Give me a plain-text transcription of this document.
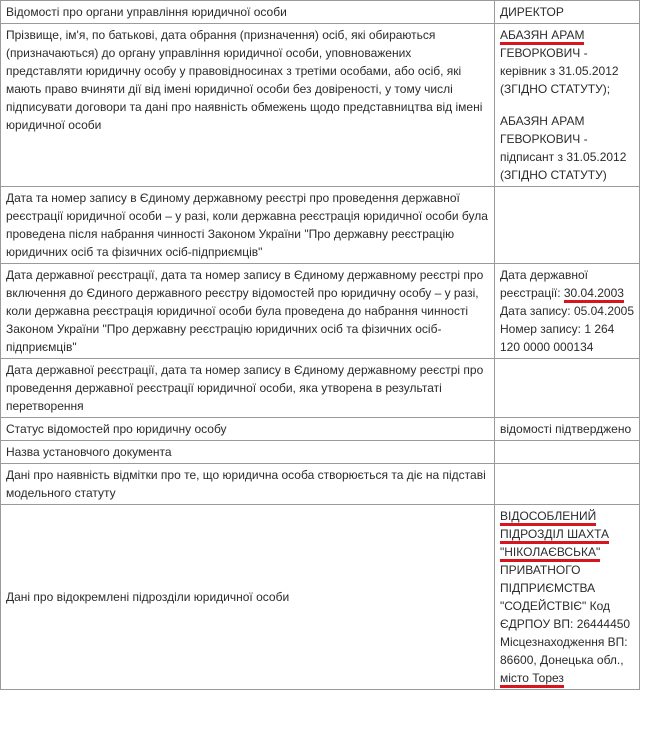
Відомості про органи управління юридичної особи	ДИРЕКТОР
Прізвище, ім'я, по батькові, дата обрання (призначення) осіб, які обираються (призначаються) до органу управління юридичної особи, уповноважених представляти юридичну особу у правовідносинах з третіми особами, або осіб, які мають право вчиняти дії від імені юридичної особи без довіреності, у тому числі підписувати договори та дані про наявність обмежень щодо представництва від імені юридичної особи	АБАЗЯН АРАМ ГЕВОРКОВИЧ - керівник з 31.05.2012 (ЗГІДНО СТАТУТУ);
АБАЗЯН АРАМ ГЕВОРКОВИЧ - підписант з 31.05.2012 (ЗГІДНО СТАТУТУ)

Дата та номер запису в Єдиному державному реєстрі про проведення державної реєстрації юридичної особи – у разі, коли державна реєстрація юридичної особи була проведена після набрання чинності Законом України "Про державну реєстрацію юридичних осіб та фізичних осіб-підприємців"	
Дата державної реєстрації, дата та номер запису в Єдиному державному реєстрі про включення до Єдиного державного реєстру відомостей про юридичну особу – у разі, коли державна реєстрація юридичної особи була проведена до набрання чинності Законом України "Про державну реєстрацію юридичних осіб та фізичних осіб-підприємців"	Дата державної реєстрації: 30.04.2003
Дата запису: 05.04.2005 Номер запису: 1 264 120 0000 000134

Дата державної реєстрації, дата та номер запису в Єдиному державному реєстрі про проведення державної реєстрації юридичної особи, яка утворена в результаті перетворення	
Статус відомостей про юридичну особу	відомості підтверджено
Назва установчого документа	
Дані про наявність відмітки про те, що юридична особа створюється та діє на підставі модельного статуту	
Дані про відокремлені підрозділи юридичної особи	ВІДОСОБЛЕНИЙ ПІДРОЗДІЛ ШАХТА "НІКОЛАЄВСЬКА" ПРИВАТНОГО ПІДПРИЄМСТВА "СОДЕЙСТВІЄ" Код ЄДРПОУ ВП: 26444450 Місцезнаходження ВП: 86600, Донецька обл., місто Торез
